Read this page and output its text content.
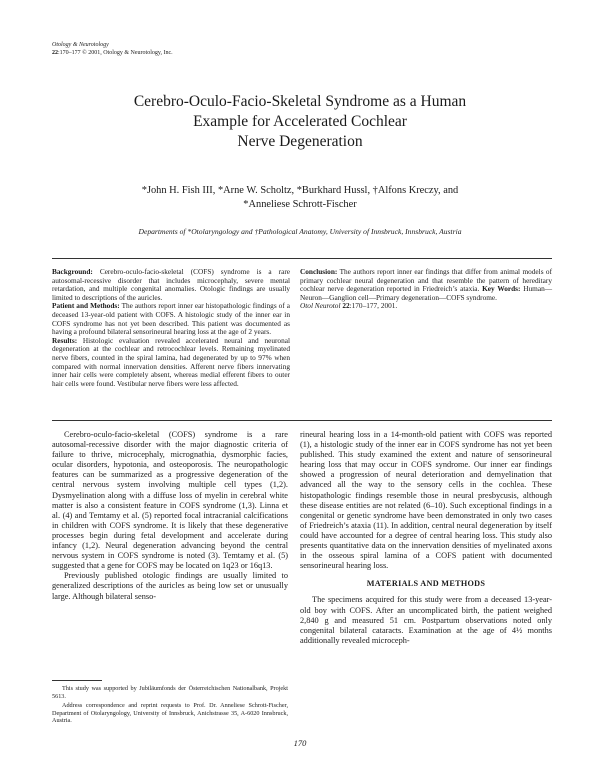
Otology & Neurotology
22:170–177 © 2001, Otology & Neurotology, Inc.
Cerebro-Oculo-Facio-Skeletal Syndrome as a Human
Example for Accelerated Cochlear
Nerve Degeneration
*John H. Fish III, *Arne W. Scholtz, *Burkhard Hussl, †Alfons Kreczy, and
*Anneliese Schrott-Fischer
Departments of *Otolaryngology and †Pathological Anatomy, University of Innsbruck, Innsbruck, Austria

Background: Cerebro-oculo-facio-skeletal (COFS) syndrome is a rare autosomal-recessive disorder that includes microcephaly, severe mental retardation, and multiple congenital anomalies. Otologic findings are usually limited to descriptions of the auricles.

Patient and Methods: The authors report inner ear histopathologic findings of a deceased 13-year-old patient with COFS. A histologic study of the inner ear in COFS syndrome has not yet been described. This patient was documented as having a profound bilateral sensorineural hearing loss at the age of 2 years.

Results: Histologic evaluation revealed accelerated neural and neuronal degeneration at the cochlear and retrocochlear levels. Remaining myelinated nerve fibers, counted in the spiral lamina, had degenerated by up to 97% when compared with normal innervation densities. Afferent nerve fibers innervating inner hair cells were completely absent, whereas medial efferent fibers to outer hair cells were found. Vestibular nerve fibers were less affected.

Conclusion: The authors report inner ear findings that differ from animal models of primary cochlear neural degeneration and that resemble the pattern of hereditary cochlear nerve degeneration reported in Friedreich’s ataxia. Key Words: Human—Neuron—Ganglion cell—Primary degeneration—COFS syndrome.

Otol Neurotol 22:170–177, 2001.

Cerebro-oculo-facio-skeletal (COFS) syndrome is a rare autosomal-recessive disorder with the major diagnostic criteria of failure to thrive, microcephaly, micrognathia, dysmorphic facies, ocular disorders, hypotonia, and osteoporosis. The neuropathologic features can be summarized as a progressive degeneration of the central nervous system involving multiple cell types (1,2). Dysmyelination along with a diffuse loss of myelin in cerebral white matter is also a consistent feature in COFS syndrome (1,3). Linna et al. (4) and Temtamy et al. (5) reported focal intracranial calcifications in children with COFS syndrome. It is likely that these degenerative processes begin during fetal development and accelerate during infancy (1,2). Neural degeneration advancing beyond the central nervous system in COFS syndrome is noted (3). Temtamy et al. (5) suggested that a gene for COFS may be located on 1q23 or 16q13.

Previously published otologic findings are usually limited to generalized descriptions of the auricles as being low set or unusually large. Although bilateral senso-

rineural hearing loss in a 14-month-old patient with COFS was reported (1), a histologic study of the inner ear in COFS syndrome has not yet been published. This study examined the extent and nature of sensorineural hearing loss that may occur in COFS syndrome. Our inner ear findings showed a progression of neural deterioration and demyelination that advanced all the way to the sensory cells in the cochlea. These histopathologic findings resemble those in neural presbycusis, although these disease entities are not related (6–10). Such exceptional findings in a congenital or genetic syndrome have been demonstrated in only two cases of Friedreich’s ataxia (11). In addition, central neural degeneration by itself could have accounted for a degree of central hearing loss. This study also presents quantitative data on the innervation densities of myelinated axons in the osseous spiral lamina of a COFS patient with documented sensorineural hearing loss.

MATERIALS AND METHODS

The specimens acquired for this study were from a deceased 13-year-old boy with COFS. After an uncomplicated birth, the patient weighed 2,840 g and measured 51 cm. Postpartum observations noted only congenital bilateral cataracts. Examination at the age of 4½ months additionally revealed microceph-

This study was supported by Jubiläumfonds der Österreichischen Nationalbank, Projekt 5613.

Address correspondence and reprint requests to Prof. Dr. Anneliese Schrott-Fischer, Department of Otolaryngology, University of Innsbruck, Anichstrasse 35, A-6020 Innsbruck, Austria.

170
